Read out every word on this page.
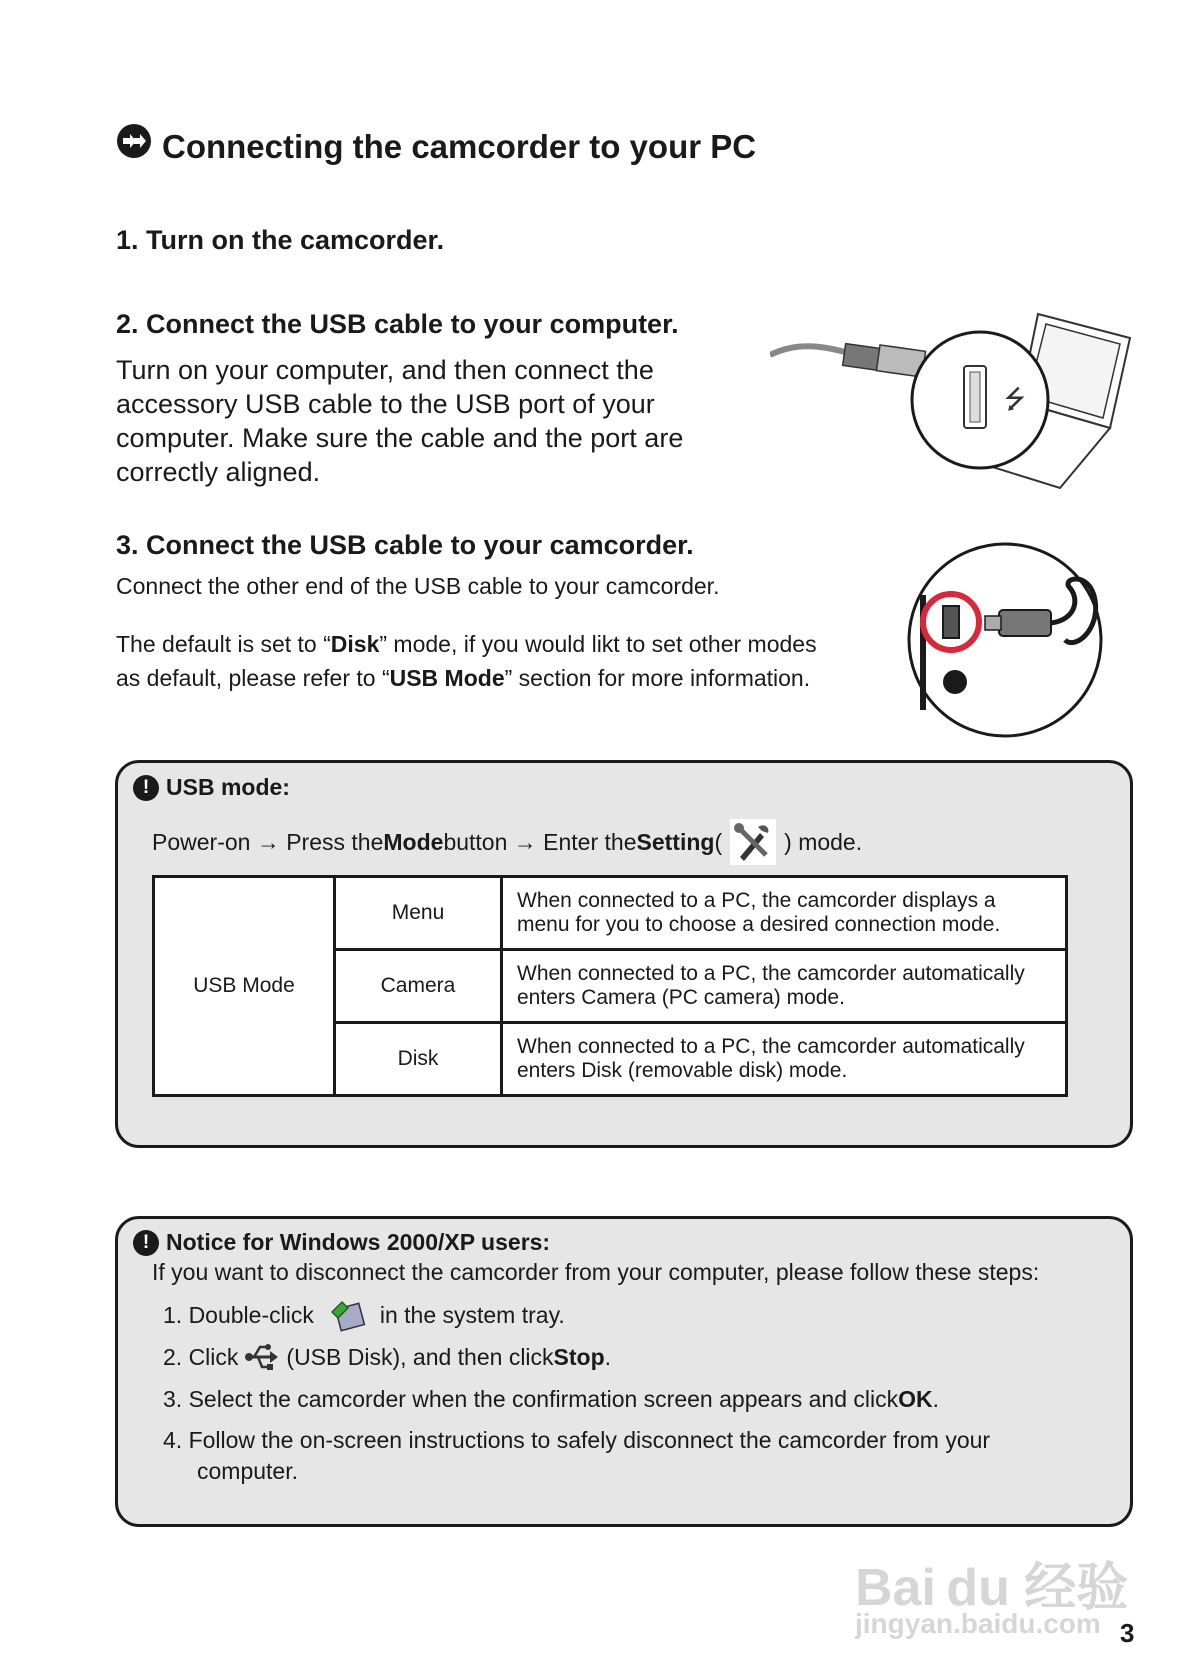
Connecting the camcorder to your PC
1. Turn on the camcorder.
2. Connect the USB cable to your computer.
Turn on your computer, and then connect the accessory USB cable to the USB port of your computer. Make sure the cable and the port are correctly aligned.
⭍
3. Connect the USB cable to your camcorder.
Connect the other end of the USB cable to your camcorder.
The default is set to “Disk” mode, if you would likt to set other modes
as default, please refer to “USB Mode” section for more information.
! USB mode:
Power-on → Press the Mode button → Enter the Setting (	) mode.
USB Mode	Menu	When connected to a PC, the camcorder displays a menu for you to choose a desired connection mode.
	Camera	When connected to a PC, the camcorder automatically enters Camera (PC camera) mode.
	Disk	When connected to a PC, the camcorder automatically enters Disk (removable disk) mode.
! Notice for Windows 2000/XP users:
If you want to disconnect the camcorder from your computer, please follow these steps:
1. Double-click	in the system tray.
2. Click (USB Disk), and then click Stop .
3. Select the camcorder when the confirmation screen appears and click OK .
4. Follow the on-screen instructions to safely disconnect the camcorder from your
computer.
Bai du 经验
jingyan.baidu.com 3
